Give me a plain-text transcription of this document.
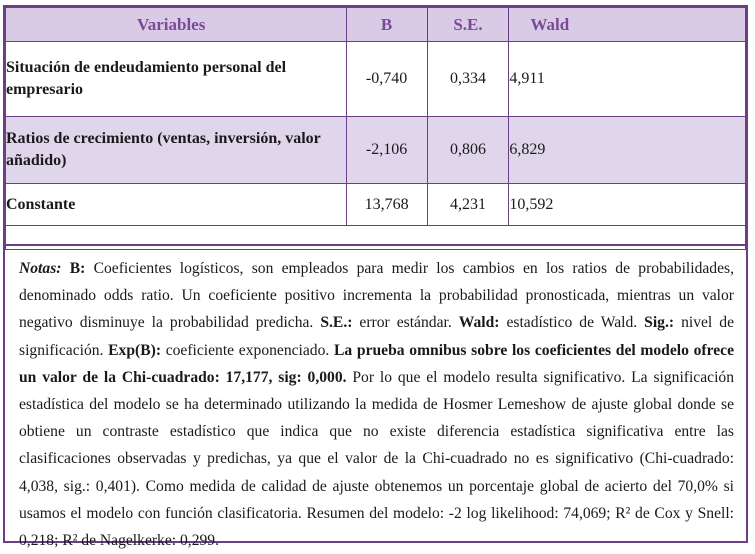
Variables	B	S.E.	Wald
Situación de endeudamiento personal del empresario	-0,740	0,334	4,911
Ratios de crecimiento (ventas, inversión, valor añadido)	-2,106	0,806	6,829
Constante	13,768	4,231	10,592

Notas: B: Coeficientes logísticos, son empleados para medir los cambios en los ratios de probabilidades, denominado odds ratio. Un coeficiente positivo incrementa la probabilidad pronosticada, mientras un valor negativo disminuye la probabilidad predicha. S.E.: error estándar. Wald: estadístico de Wald. Sig.: nivel de significación. Exp(B): coeficiente exponenciado. La prueba omnibus sobre los coeficientes del modelo ofrece un valor de la Chi-cuadrado: 17,177, sig: 0,000. Por lo que el modelo resulta significativo. La significación estadística del modelo se ha determinado utilizando la medida de Hosmer Lemeshow de ajuste global donde se obtiene un contraste estadístico que indica que no existe diferencia estadística significativa entre las clasificaciones observadas y predichas, ya que el valor de la Chi-cuadrado no es significativo (Chi-cuadrado: 4,038, sig.: 0,401). Como medida de calidad de ajuste obtenemos un porcentaje global de acierto del 70,0% si usamos el modelo con función clasificatoria. Resumen del modelo: -2 log likelihood: 74,069; R² de Cox y Snell: 0,218; R² de Nagelkerke: 0,299.
